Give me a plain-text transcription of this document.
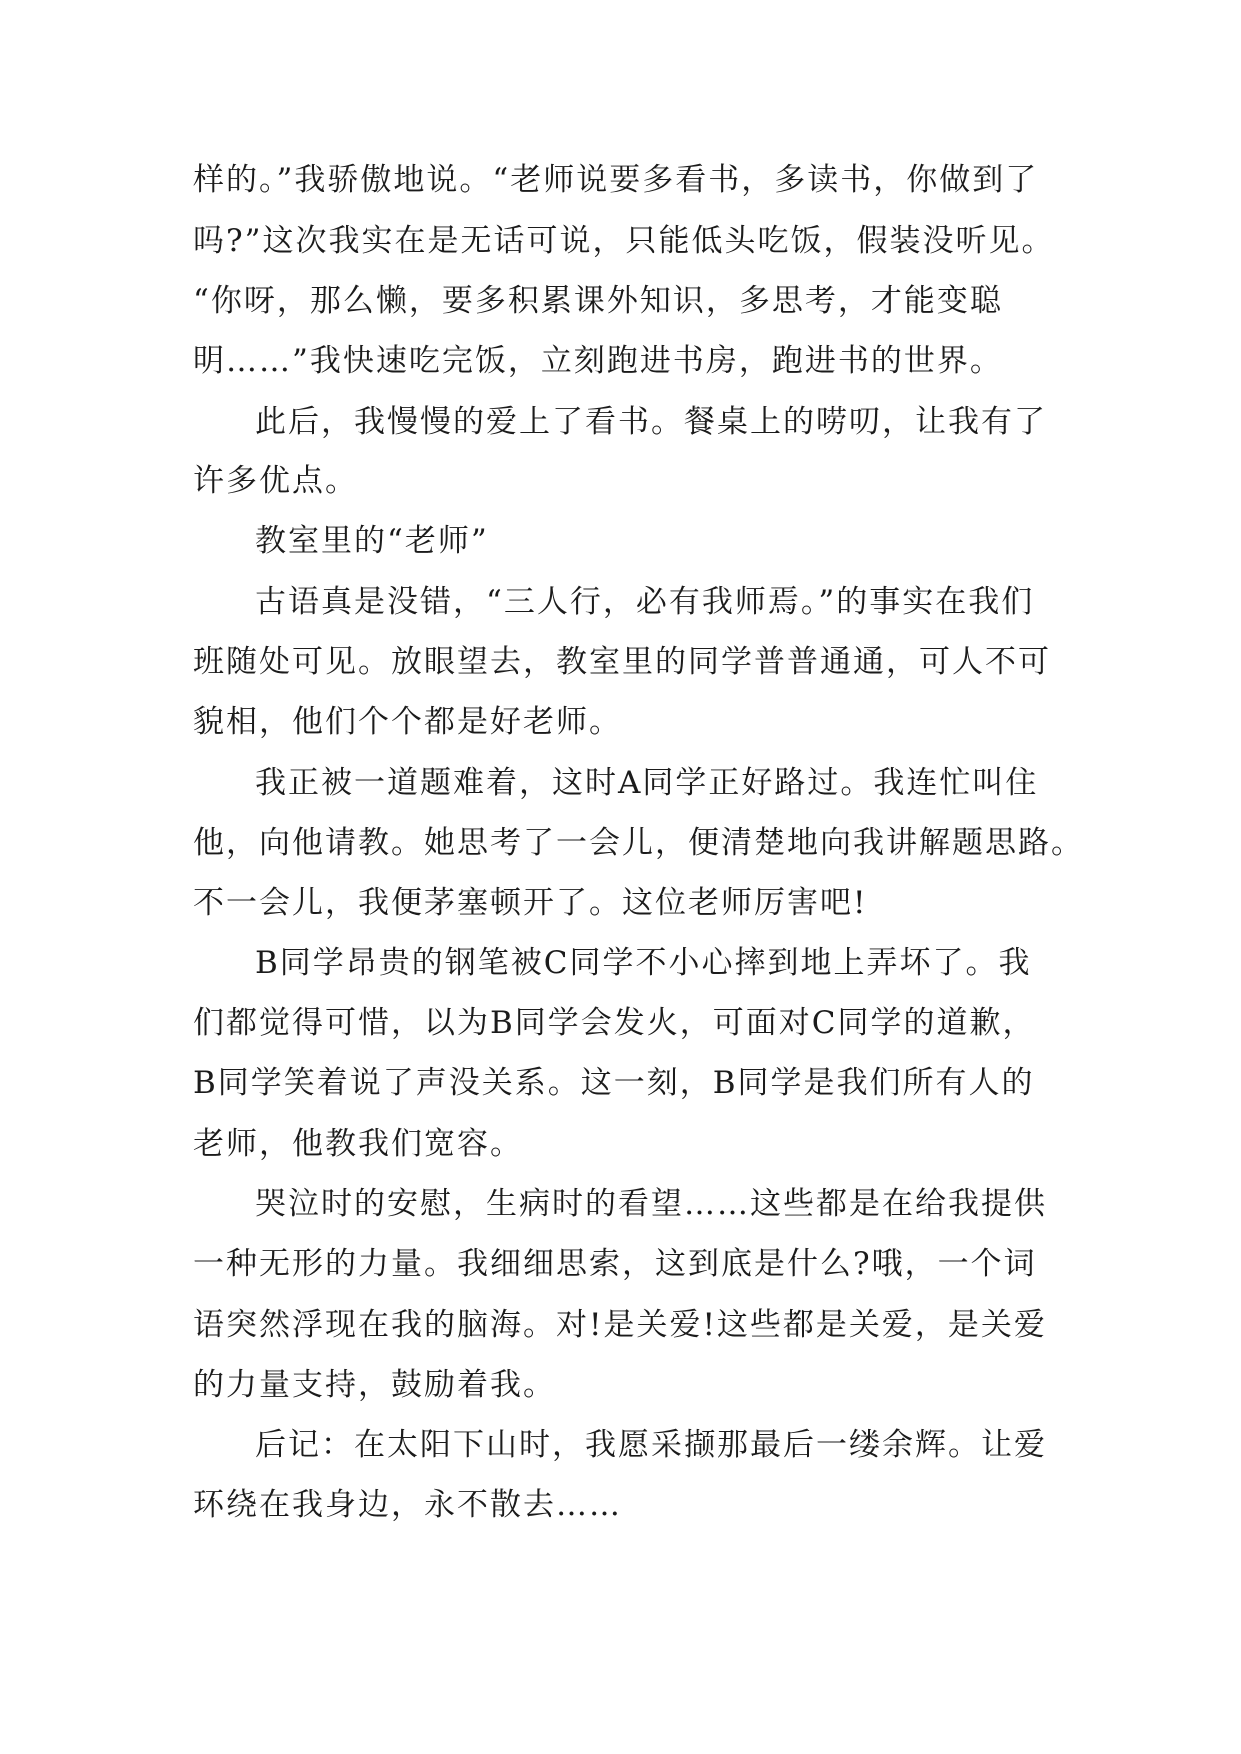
样的。”我骄傲地说。“老师说要多看书，多读书，你做到了
吗?”这次我实在是无话可说，只能低头吃饭，假装没听见。
“你呀，那么懒，要多积累课外知识，多思考，才能变聪
明……”我快速吃完饭，立刻跑进书房，跑进书的世界。
此后，我慢慢的爱上了看书。餐桌上的唠叨，让我有了
许多优点。
教室里的“老师”
古语真是没错，“三人行，必有我师焉。”的事实在我们
班随处可见。放眼望去，教室里的同学普普通通，可人不可
貌相，他们个个都是好老师。
我正被一道题难着，这时A同学正好路过。我连忙叫住
他，向他请教。她思考了一会儿，便清楚地向我讲解题思路。
不一会儿，我便茅塞顿开了。这位老师厉害吧!
B同学昂贵的钢笔被C同学不小心摔到地上弄坏了。我
们都觉得可惜，以为B同学会发火，可面对C同学的道歉，
B同学笑着说了声没关系。这一刻，B同学是我们所有人的
老师，他教我们宽容。
哭泣时的安慰，生病时的看望……这些都是在给我提供
一种无形的力量。我细细思索，这到底是什么?哦，一个词
语突然浮现在我的脑海。对!是关爱!这些都是关爱，是关爱
的力量支持，鼓励着我。
后记：在太阳下山时，我愿采撷那最后一缕余辉。让爱
环绕在我身边，永不散去……
